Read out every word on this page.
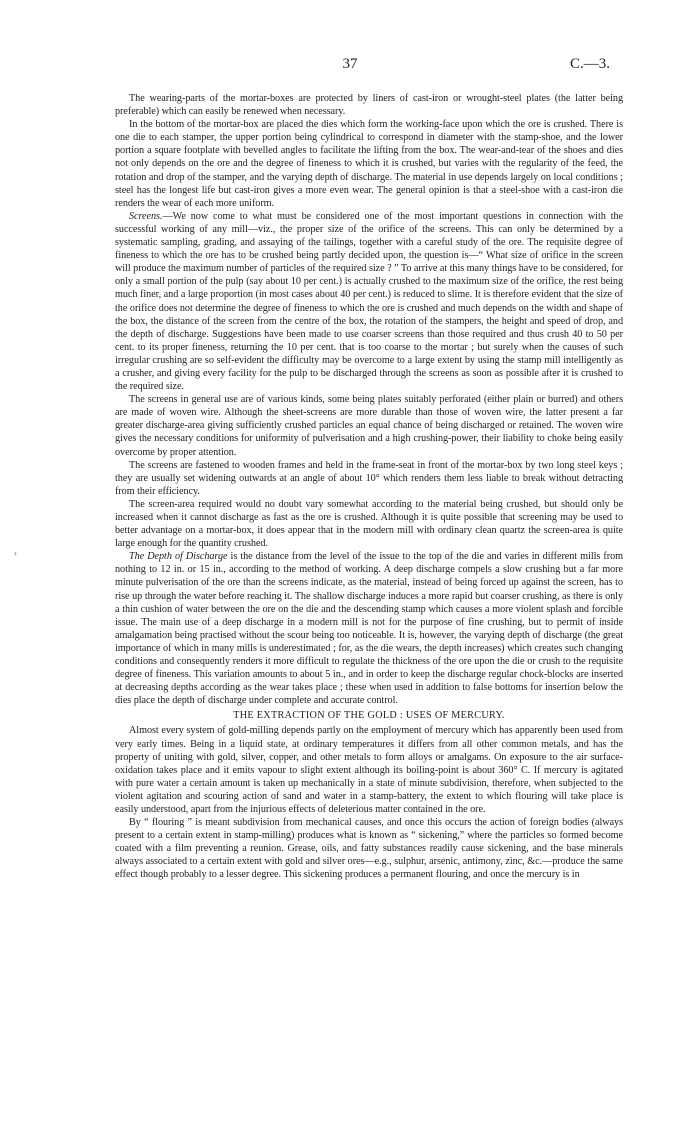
37	C.—3.
›

The wearing-parts of the mortar-boxes are protected by liners of cast-iron or wrought-steel plates (the latter being preferable) which can easily be renewed when necessary.

In the bottom of the mortar-box are placed the dies which form the working-face upon which the ore is crushed. There is one die to each stamper, the upper portion being cylindrical to correspond in diameter with the stamp-shoe, and the lower portion a square footplate with bevelled angles to facilitate the lifting from the box. The wear-and-tear of the shoes and dies not only depends on the ore and the degree of fineness to which it is crushed, but varies with the regularity of the feed, the rotation and drop of the stamper, and the varying depth of discharge. The material in use depends largely on local conditions ; steel has the longest life but cast-iron gives a more even wear. The general opinion is that a steel-shoe with a cast-iron die renders the wear of each more uniform.

Screens.—We now come to what must be considered one of the most important questions in connection with the successful working of any mill—viz., the proper size of the orifice of the screens. This can only be determined by a systematic sampling, grading, and assaying of the tailings, together with a careful study of the ore. The requisite degree of fineness to which the ore has to be crushed being partly decided upon, the question is—“ What size of orifice in the screen will produce the maximum number of particles of the required size ? ” To arrive at this many things have to be considered, for only a small portion of the pulp (say about 10 per cent.) is actually crushed to the maximum size of the orifice, the rest being much finer, and a large proportion (in most cases about 40 per cent.) is reduced to slime. It is therefore evident that the size of the orifice does not determine the degree of fineness to which the ore is crushed and much depends on the width and shape of the box, the distance of the screen from the centre of the box, the rotation of the stampers, the height and speed of drop, and the depth of discharge. Suggestions have been made to use coarser screens than those required and thus crush 40 to 50 per cent. to its proper fineness, returning the 10 per cent. that is too coarse to the mortar ; but surely when the causes of such irregular crushing are so self-evident the difficulty may be overcome to a large extent by using the stamp mill intelligently as a crusher, and giving every facility for the pulp to be discharged through the screens as soon as possible after it is crushed to the required size.

The screens in general use are of various kinds, some being plates suitably perforated (either plain or burred) and others are made of woven wire. Although the sheet-screens are more durable than those of woven wire, the latter present a far greater discharge-area giving sufficiently crushed particles an equal chance of being discharged or retained. The woven wire gives the necessary conditions for uniformity of pulverisation and a high crushing-power, their liability to choke being easily overcome by proper attention.

The screens are fastened to wooden frames and held in the frame-seat in front of the mortar-box by two long steel keys ; they are usually set widening outwards at an angle of about 10° which renders them less liable to break without detracting from their efficiency.

The screen-area required would no doubt vary somewhat according to the material being crushed, but should only be increased when it cannot discharge as fast as the ore is crushed. Although it is quite possible that screening may be used to better advantage on a mortar-box, it does appear that in the modern mill with ordinary clean quartz the screen-area is quite large enough for the quantity crushed.

The Depth of Discharge is the distance from the level of the issue to the top of the die and varies in different mills from nothing to 12 in. or 15 in., according to the method of working. A deep discharge compels a slow crushing but a far more minute pulverisation of the ore than the screens indicate, as the material, instead of being forced up against the screen, has to rise up through the water before reaching it. The shallow discharge induces a more rapid but coarser crushing, as there is only a thin cushion of water between the ore on the die and the descending stamp which causes a more violent splash and forcible issue. The main use of a deep discharge in a modern mill is not for the purpose of fine crushing, but to permit of inside amalgamation being practised without the scour being too noticeable. It is, however, the varying depth of discharge (the great importance of which in many mills is underestimated ; for, as the die wears, the depth increases) which creates such changing conditions and consequently renders it more difficult to regulate the thickness of the ore upon the die or crush to the requisite degree of fineness. This variation amounts to about 5 in., and in order to keep the discharge regular chock-blocks are inserted at decreasing depths according as the wear takes place ; these when used in addition to false bottoms for insertion below the dies place the depth of discharge under complete and accurate control.

THE EXTRACTION OF THE GOLD : USES OF MERCURY.

Almost every system of gold-milling depends partly on the employment of mercury which has apparently been used from very early times. Being in a liquid state, at ordinary temperatures it differs from all other common metals, and has the property of uniting with gold, silver, copper, and other metals to form alloys or amalgams. On exposure to the air surface-oxidation takes place and it emits vapour to slight extent although its boiling-point is about 360° C. If mercury is agitated with pure water a certain amount is taken up mechanically in a state of minute subdivision, therefore, when subjected to the violent agitation and scouring action of sand and water in a stamp-battery, the extent to which flouring will take place is easily understood, apart from the injurious effects of deleterious matter contained in the ore.

By “ flouring ” is meant subdivision from mechanical causes, and once this occurs the action of foreign bodies (always present to a certain extent in stamp-milling) produces what is known as “ sickening,” where the particles so formed become coated with a film preventing a reunion. Grease, oils, and fatty substances readily cause sickening, and the base minerals always associated to a certain extent with gold and silver ores—e.g., sulphur, arsenic, antimony, zinc, &c.—produce the same effect though probably to a lesser degree. This sickening produces a permanent flouring, and once the mercury is in
